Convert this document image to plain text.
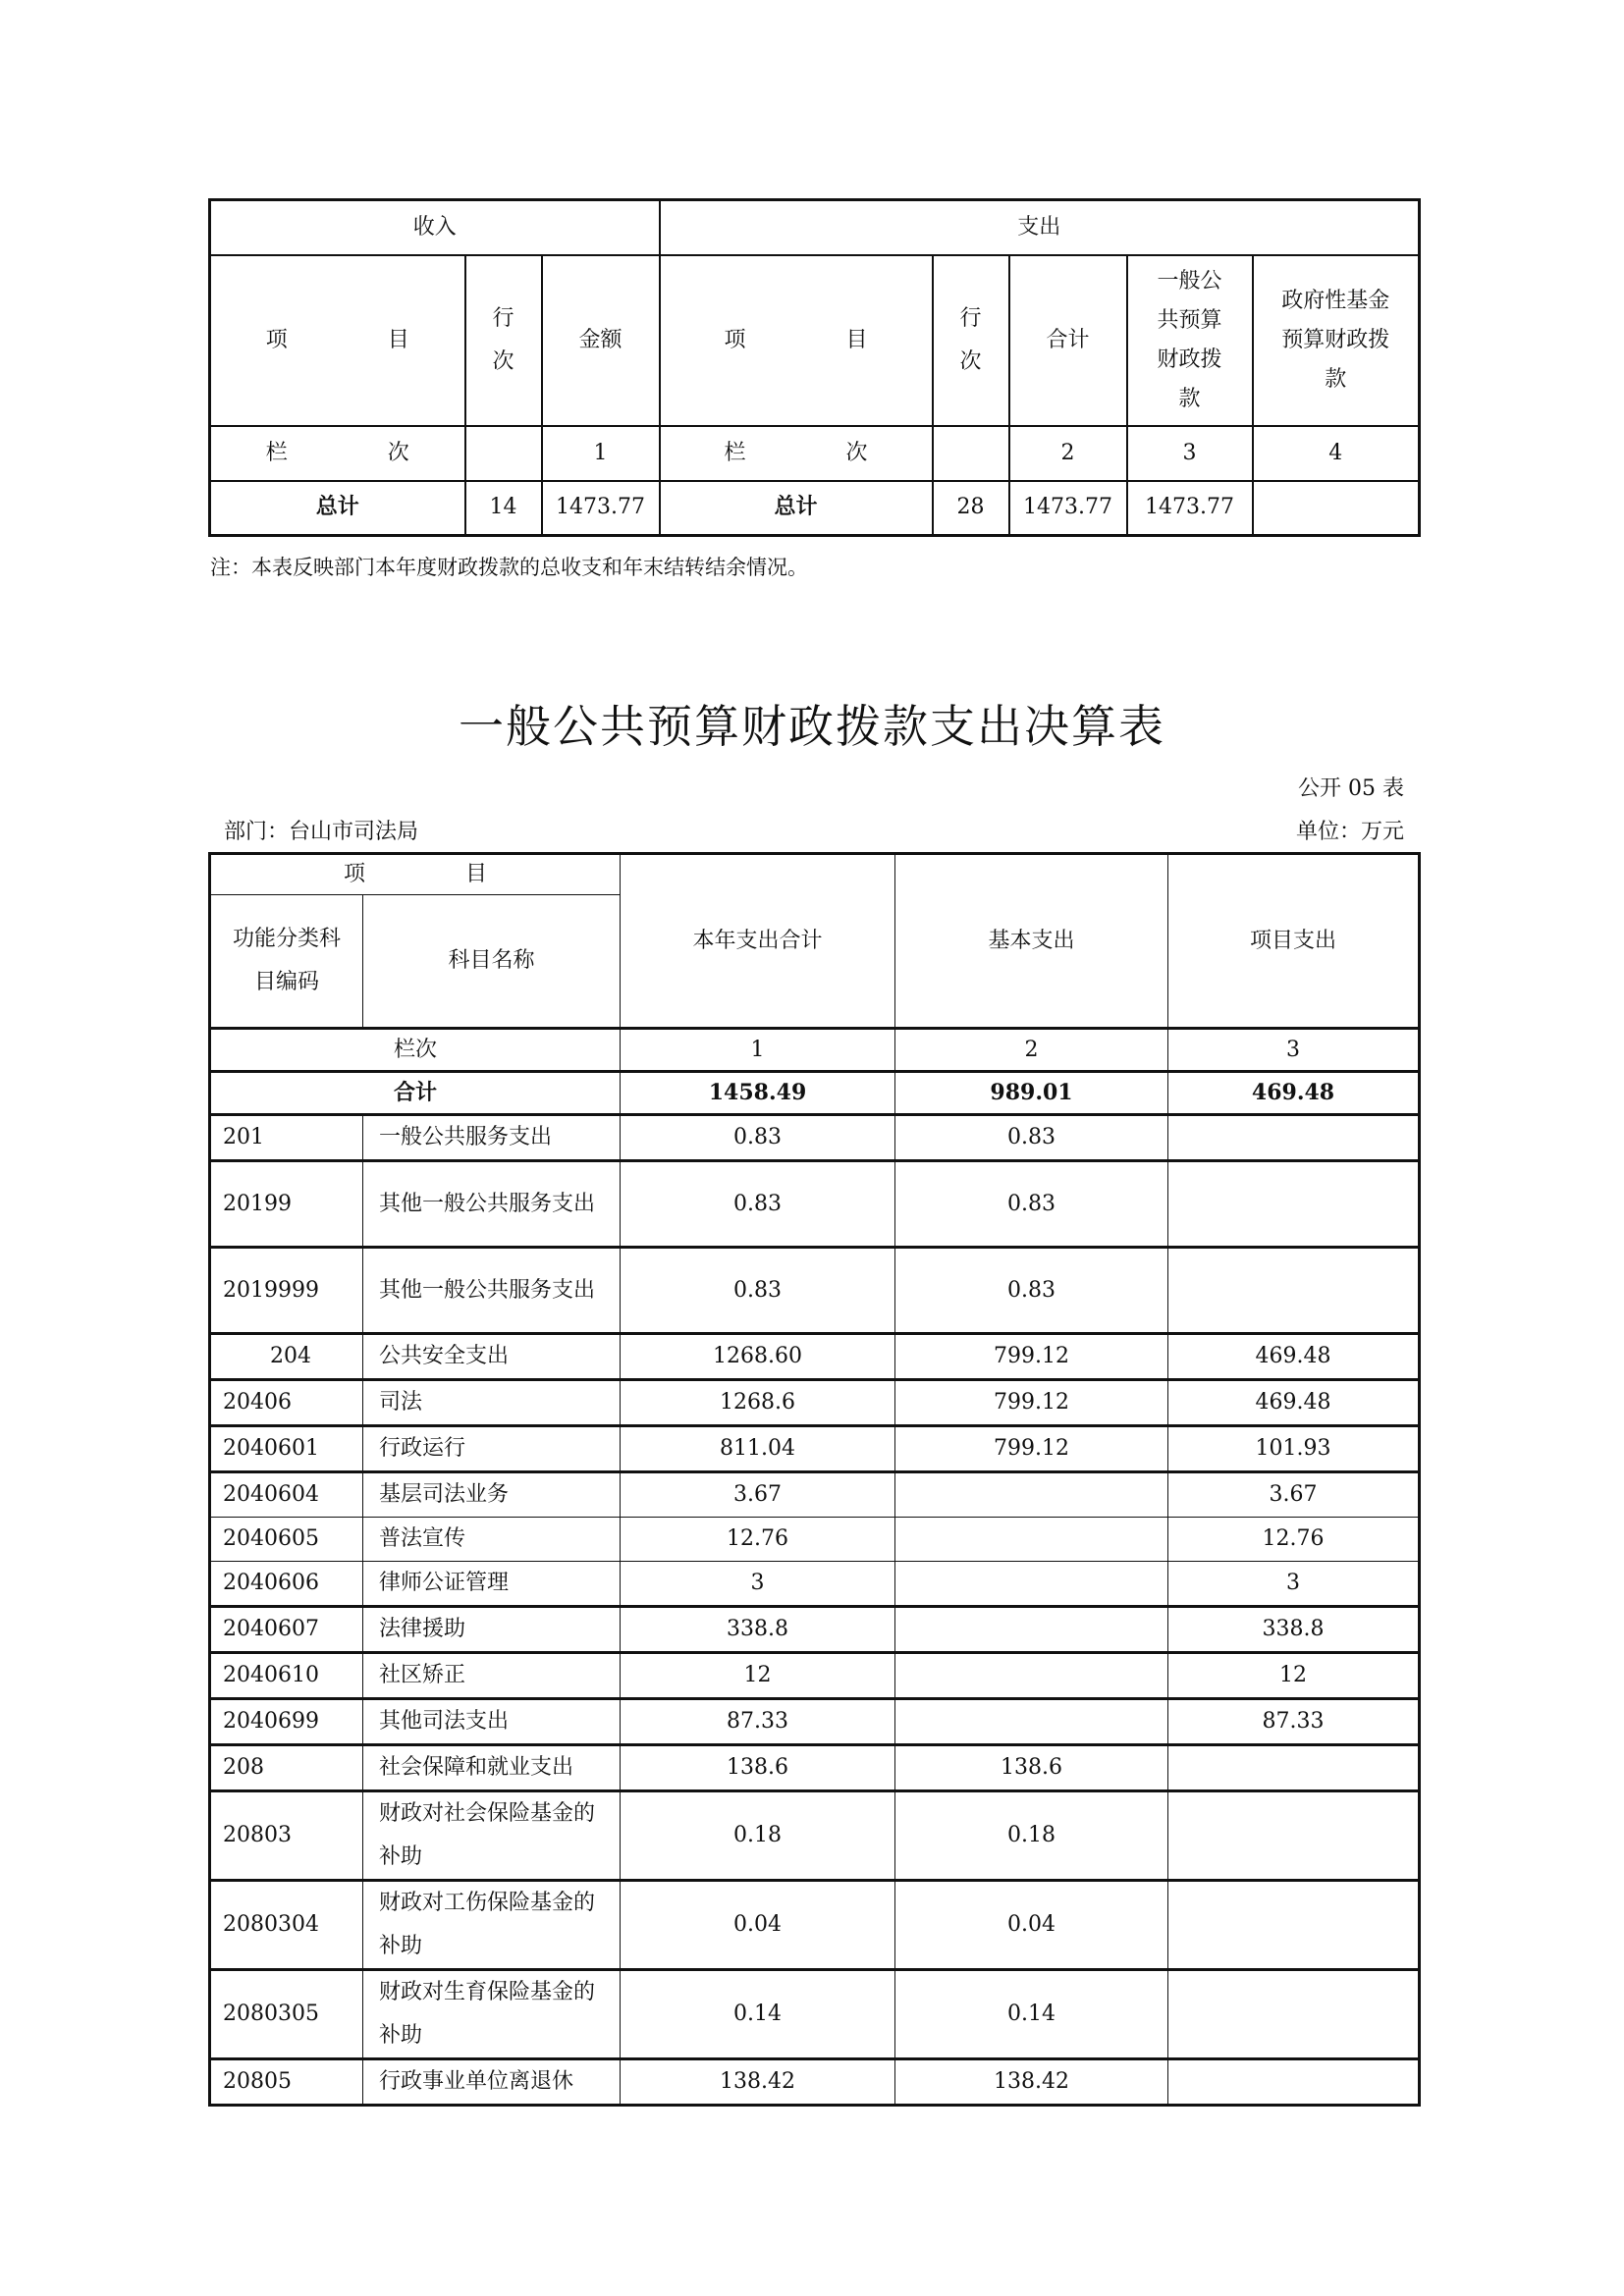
收入			支出				
项　目	行次	金额	项　目	行次	合计	一般公共预算财政拨款	政府性基金预算财政拨款
栏　次		1	栏　次		2	3	4
总计	14	1473.77	总计	28	1473.77	1473.77	
注：本表反映部门本年度财政拨款的总收支和年末结转结余情况。
一般公共预算财政拨款支出决算表
公开 05 表
部门：台山市司法局	单位：万元
项　目		本年支出合计	基本支出	项目支出
功能分类科目编码	科目名称			
栏次		1	2	3
合计		1458.49	989.01	469.48
201	一般公共服务支出	0.83	0.83	
20199	其他一般公共服务支出	0.83	0.83	
2019999	其他一般公共服务支出	0.83	0.83	
204	公共安全支出	1268.60	799.12	469.48
20406	司法	1268.6	799.12	469.48
2040601	行政运行	811.04	799.12	101.93
2040604	基层司法业务	3.67		3.67
2040605	普法宣传	12.76		12.76
2040606	律师公证管理	3		3
2040607	法律援助	338.8		338.8
2040610	社区矫正	12		12
2040699	其他司法支出	87.33		87.33
208	社会保障和就业支出	138.6	138.6	
20803	财政对社会保险基金的补助	0.18	0.18	
2080304	财政对工伤保险基金的补助	0.04	0.04	
2080305	财政对生育保险基金的补助	0.14	0.14	
20805	行政事业单位离退休	138.42	138.42	
